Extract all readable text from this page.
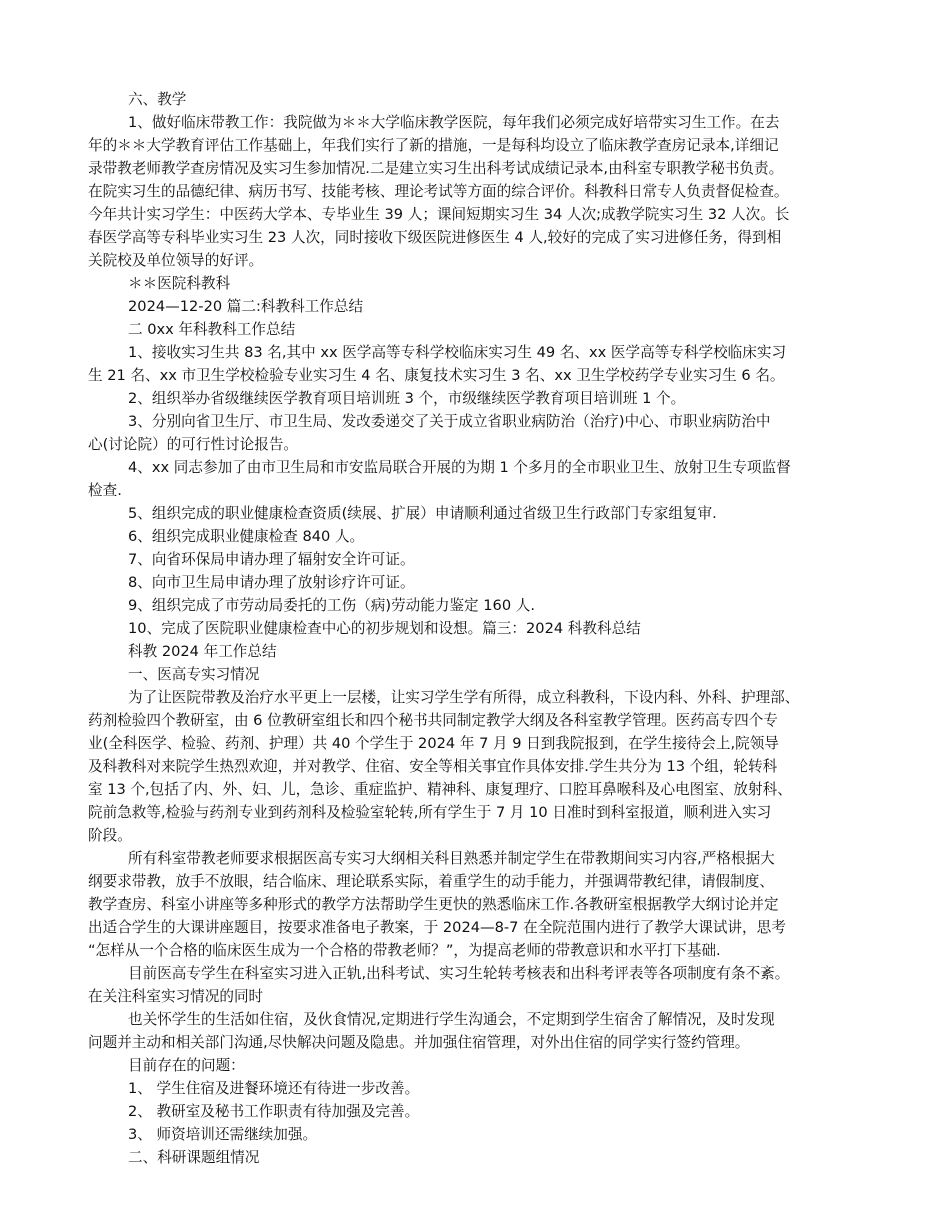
六、教学
1、做好临床带教工作：我院做为＊＊大学临床教学医院，每年我们必须完成好培带实习生工作。在去
年的＊＊大学教育评估工作基础上，年我们实行了新的措施，一是每科均设立了临床教学查房记录本,详细记
录带教老师教学查房情况及实习生参加情况.二是建立实习生出科考试成绩记录本,由科室专职教学秘书负责。
在院实习生的品德纪律、病历书写、技能考核、理论考试等方面的综合评价。科教科日常专人负责督促检查。
今年共计实习学生：中医药大学本、专毕业生 39 人；课间短期实习生 34 人次;成教学院实习生 32 人次。长
春医学高等专科毕业实习生 23 人次，同时接收下级医院进修医生 4 人,较好的完成了实习进修任务，得到相
关院校及单位领导的好评。
＊＊医院科教科
2024—12-20 篇二:科教科工作总结
二 0xx 年科教科工作总结
1、接收实习生共 83 名,其中 xx 医学高等专科学校临床实习生 49 名、xx 医学高等专科学校临床实习
生 21 名、xx 市卫生学校检验专业实习生 4 名、康复技术实习生 3 名、xx 卫生学校药学专业实习生 6 名。
2、组织举办省级继续医学教育项目培训班 3 个，市级继续医学教育项目培训班 1 个。
3、分别向省卫生厅、市卫生局、发改委递交了关于成立省职业病防治（治疗)中心、市职业病防治中
心(讨论院）的可行性讨论报告。
4、xx 同志参加了由市卫生局和市安监局联合开展的为期 1 个多月的全市职业卫生、放射卫生专项监督
检查.
5、组织完成的职业健康检查资质(续展、扩展）申请顺利通过省级卫生行政部门专家组复审.
6、组织完成职业健康检查 840 人。
7、向省环保局申请办理了辐射安全许可证。
8、向市卫生局申请办理了放射诊疗许可证。
9、组织完成了市劳动局委托的工伤（病)劳动能力鉴定 160 人.
10、完成了医院职业健康检查中心的初步规划和设想。篇三：2024 科教科总结
科教 2024 年工作总结
一、医高专实习情况
为了让医院带教及治疗水平更上一层楼，让实习学生学有所得，成立科教科，下设内科、外科、护理部、
药剂检验四个教研室，由 6 位教研室组长和四个秘书共同制定教学大纲及各科室教学管理。医药高专四个专
业(全科医学、检验、药剂、护理）共 40 个学生于 2024 年 7 月 9 日到我院报到，在学生接待会上,院领导
及科教科对来院学生热烈欢迎，并对教学、住宿、安全等相关事宜作具体安排.学生共分为 13 个组，轮转科
室 13 个,包括了内、外、妇、儿，急诊、重症监护、精神科、康复理疗、口腔耳鼻喉科及心电图室、放射科、
院前急救等,检验与药剂专业到药剂科及检验室轮转,所有学生于 7 月 10 日准时到科室报道，顺利进入实习
阶段。
所有科室带教老师要求根据医高专实习大纲相关科目熟悉并制定学生在带教期间实习内容,严格根据大
纲要求带教，放手不放眼，结合临床、理论联系实际，着重学生的动手能力，并强调带教纪律，请假制度、
教学查房、科室小讲座等多种形式的教学方法帮助学生更快的熟悉临床工作.各教研室根据教学大纲讨论并定
出适合学生的大课讲座题目，按要求准备电子教案，于 2024—8-7 在全院范围内进行了教学大课试讲，思考
“怎样从一个合格的临床医生成为一个合格的带教老师？”，为提高老师的带教意识和水平打下基础.
目前医高专学生在科室实习进入正轨,出科考试、实习生轮转考核表和出科考评表等各项制度有条不紊。
在关注科室实习情况的同时
也关怀学生的生活如住宿，及伙食情况,定期进行学生沟通会，不定期到学生宿舍了解情况，及时发现
问题并主动和相关部门沟通,尽快解决问题及隐患。并加强住宿管理，对外出住宿的同学实行签约管理。
目前存在的问题：
1、 学生住宿及进餐环境还有待进一步改善。
2、 教研室及秘书工作职责有待加强及完善。
3、 师资培训还需继续加强。
二、科研课题组情况
